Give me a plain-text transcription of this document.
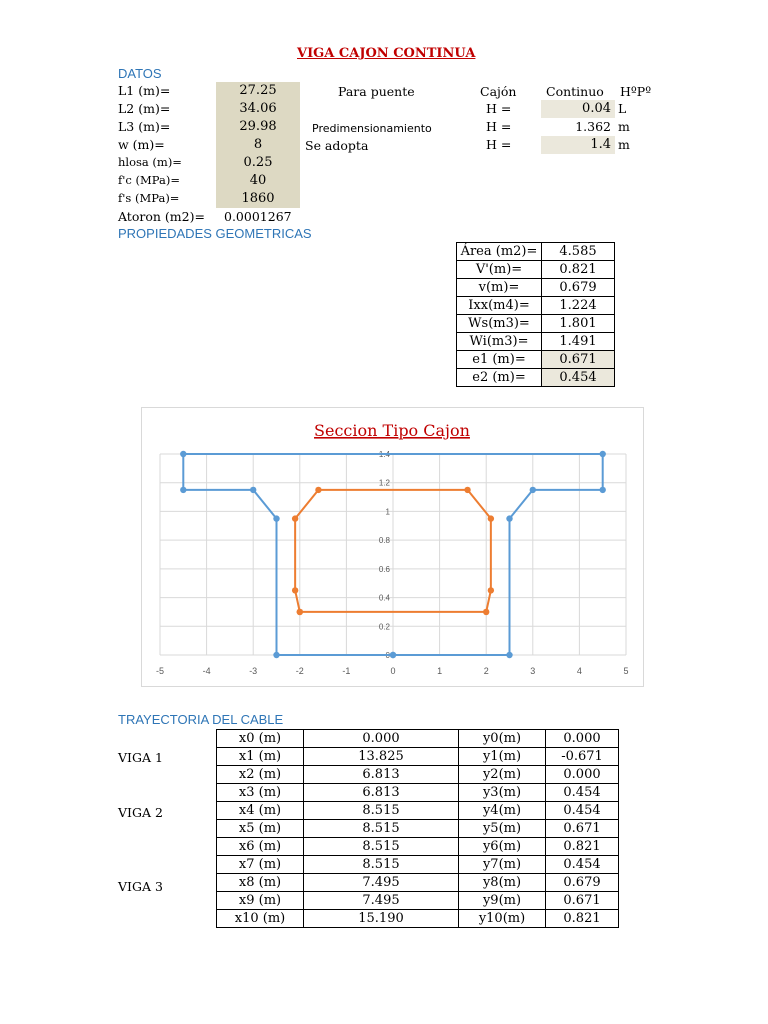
VIGA CAJON CONTINUA
DATOS
L1 (m)=	27.25
L2 (m)=	34.06
L3 (m)=	29.98
w (m)=	8
hlosa (m)=	0.25
f'c (MPa)=	40
f's (MPa)=	1860
Atoron (m2)= 0.0001267
Para puente
Predimensionamiento
Se adopta
Cajón Continuo HºPº
H =	0.04 L
H =	1.362 m
H =	1.4 m
PROPIEDADES GEOMETRICAS
Área (m2)=	4.585
V'(m)=	0.821
v(m)=	0.679
Ixx(m4)=	1.224
Ws(m3)=	1.801
Wi(m3)=	1.491
e1 (m)=	0.671
e2 (m)=	0.454
Seccion Tipo Cajon
-5	-4	-3	-2	-1	0	1	2	3	4	5
0
0.2
0.4
0.6
0.8
1
1.2
1.4
TRAYECTORIA DEL CABLE
VIGA 1
VIGA 2
VIGA 3
x0 (m)	0.000	y0(m)	0.000
x1 (m)	13.825	y1(m)	-0.671
x2 (m)	6.813	y2(m)	0.000
x3 (m)	6.813	y3(m)	0.454
x4 (m)	8.515	y4(m)	0.454
x5 (m)	8.515	y5(m)	0.671
x6 (m)	8.515	y6(m)	0.821
x7 (m)	8.515	y7(m)	0.454
x8 (m)	7.495	y8(m)	0.679
x9 (m)	7.495	y9(m)	0.671
x10 (m)	15.190	y10(m)	0.821
